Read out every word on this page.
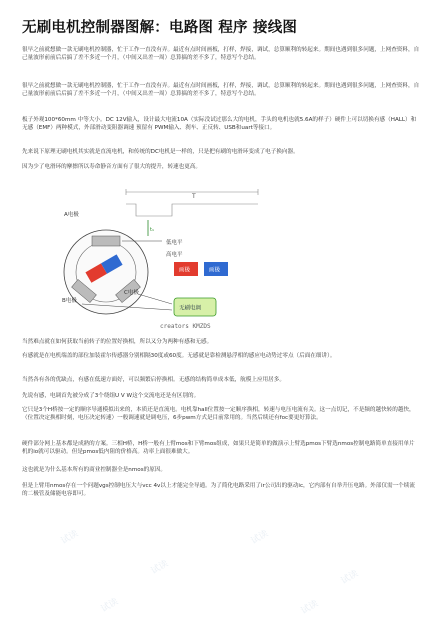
无刷电机控制器图解：电路图 程序 接线图

很早之前就想做一款无刷电机控制器，忙于工作一直没有弄。最近有点时间画板，打样，焊接，调试，总算顺利的转起来。期间也遇到很多问题，上网查资料，自己量波形前前后后搞了差不多近一个月，（中间又出差一周）总算搞的差不多了，特意写个总结。

很早之前就想做一款无刷电机控制器，忙于工作一直没有弄。最近有点时间画板，打样，焊接，调试，总算顺利的转起来。期间也遇到很多问题，上网查资料，自己量波形前前后后搞了差不多近一个月，（中间又出差一周）总算搞的差不多了，特意写个总结。

板子外观100*60mm 中等大小。DC 12V输入，设计最大电流10A（实际没试过那么大的电机，手头的电机也就5.6A的样子）硬件上可以切换有感（HALL）和无感（EMF）两种模式，外部滑动变阻器调速 预留有 PWM输入、刹车、正反转、USB和uart等接口。

先来说下原理无刷电机其实就是直流电机，和传统的DC电机是一样的，只是把有刷的电滑环变成了电子换向器。

因为少了电滑环的摩擦所以寿命静音方面有了很大的提升，转速也更高。

T
t₁
A电极
B电极
C电极
低电平
高电平
画极	画极
无刷电调
creators KMZDS

当然难点就在如何获取当前转子的位置好换相，所以又分为两种有感和无感。

有感就是在电机端盖的部位加装霍尔传感器分别相隔30度或60度。无感就是靠检测悬浮相的感应电动势过零点（后面在细讲）。

当然各有各的优缺点，有感在低速方面好，可以频繁启停换相。无感的结构简单成本低，航模上应用居多。

先说有感，电调首先被分成了3个绕组U V W这个交流电还是有区别的。

它只是3个H桥按一定的顺序导通模拟出来的，本质还是直流电。电机靠hall位置按一定顺序换相，转速与电压电流有关。这一点切记，不是频的越快转的越快，（位置决定换相时刻，电压决定转速）一般调速就是调电压，6步pwm方式是目前常用的。当然后续还有foc要更好算法。

硬件部分网上基本都是成熟的方案。三相H桥，H桥一般有上臂mos和下臂mos组成，如果只是简单的做演示上臂选pmos下臂选nmos控制电路简单直接用单片机的io就可以驱动。但是pmos低内阻的价格高。功率上面很难做大。

这也就是为什么基本所有的商业控制器全是nmos的原因。

但是上臂用nmos存在一个问题vgs控制电压大与vcc 4v以上才能完全导通。为了简化电路采用了ir公司出的驱动ic，它内部有自举升压电路。外部仅需一个续流的二极管及储能电容即可。

试读
试读
试读
试读
试读	试读
